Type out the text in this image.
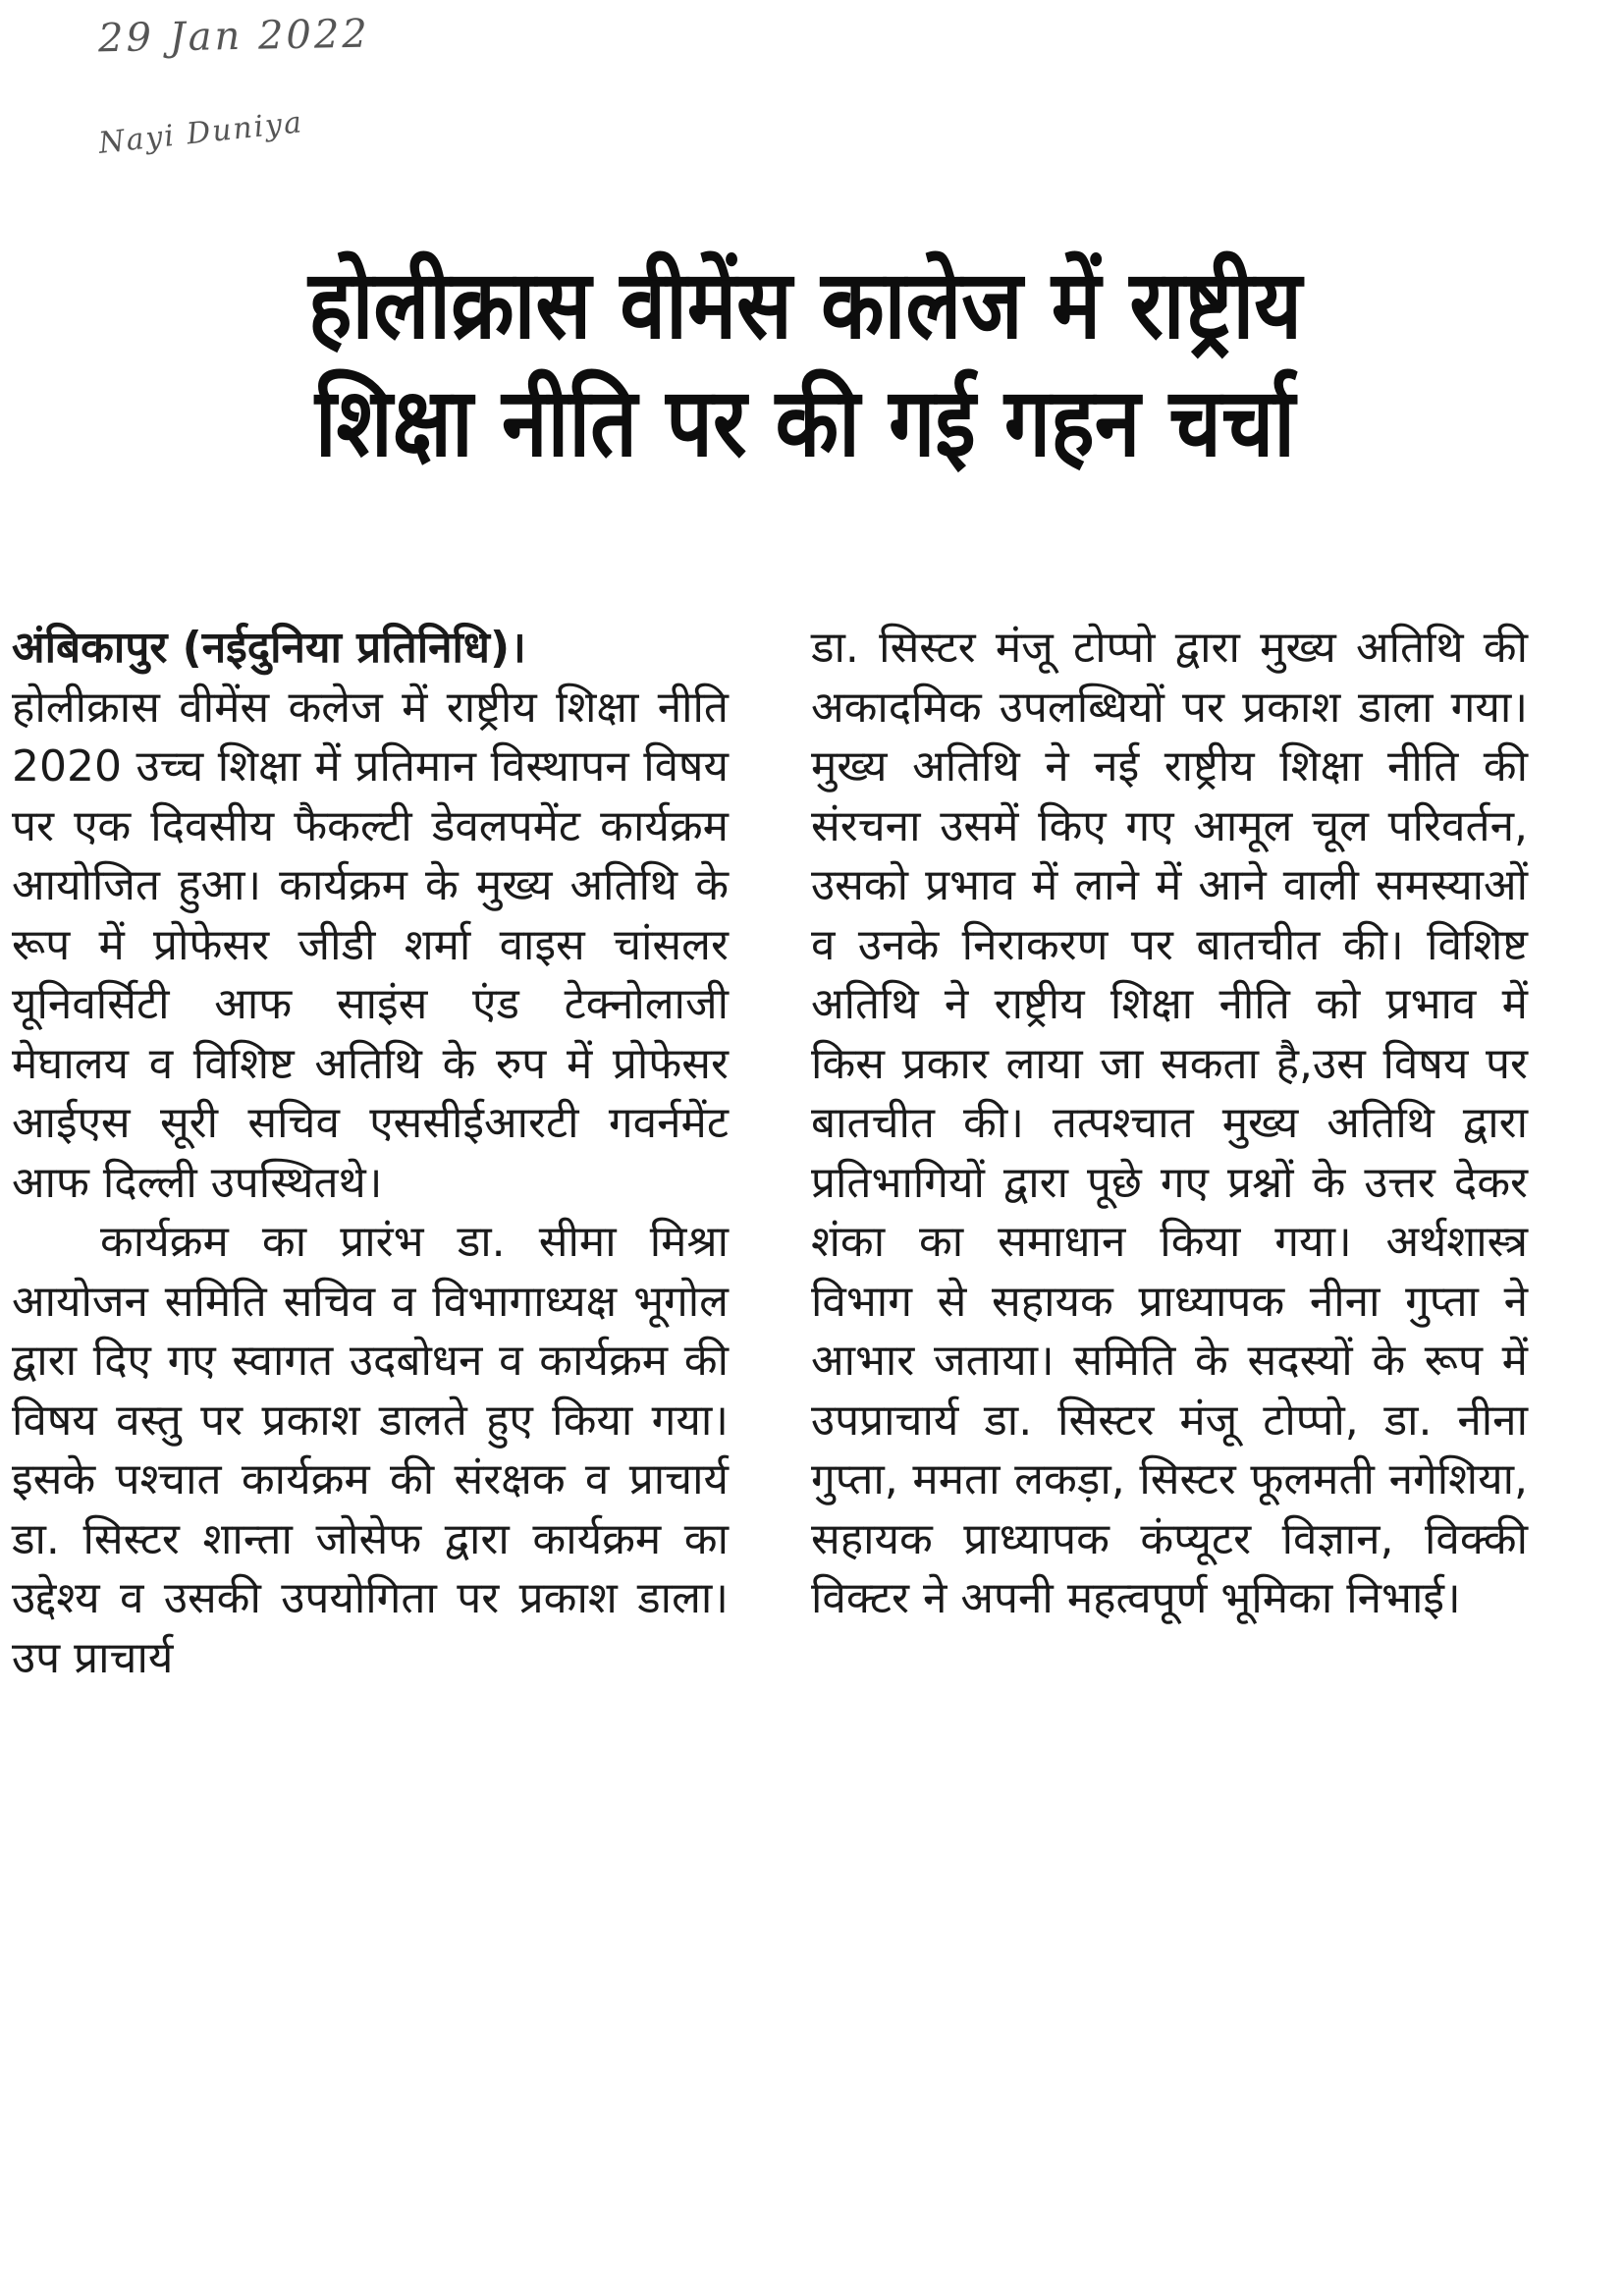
29 Jan 2022
Nayi Duniya
होलीक्रास वीमेंस कालेज में राष्ट्रीय
शिक्षा नीति पर की गई गहन चर्चा

अंबिकापुर (नईदुनिया प्रतिनिधि)।

होलीक्रास वीमेंस कलेज में राष्ट्रीय शिक्षा नीति 2020 उच्च शिक्षा में प्रतिमान विस्थापन विषय पर एक दिवसीय फैकल्टी डेवलपमेंट कार्यक्रम आयोजित हुआ। कार्यक्रम के मुख्य अतिथि के रूप में प्रोफेसर जीडी शर्मा वाइस चांसलर यूनिवर्सिटी आफ साइंस एंड टेक्नोलाजी मेघालय व विशिष्ट अतिथि के रुप में प्रोफेसर आईएस सूरी सचिव एससीईआरटी गवर्नमेंट आफ दिल्ली उपस्थितथे।

कार्यक्रम का प्रारंभ डा. सीमा मिश्रा आयोजन समिति सचिव व विभागाध्यक्ष भूगोल द्वारा दिए गए स्वागत उदबोधन व कार्यक्रम की विषय वस्तु पर प्रकाश डालते हुए किया गया। इसके पश्चात कार्यक्रम की संरक्षक व प्राचार्य डा. सिस्टर शान्ता जोसेफ द्वारा कार्यक्रम का उद्देश्य व उसकी उपयोगिता पर प्रकाश डाला। उप प्राचार्य

डा. सिस्टर मंजू टोप्पो द्वारा मुख्य अतिथि की अकादमिक उपलब्धियों पर प्रकाश डाला गया। मुख्य अतिथि ने नई राष्ट्रीय शिक्षा नीति की संरचना उसमें किए गए आमूल चूल परिवर्तन, उसको प्रभाव में लाने में आने वाली समस्याओं व उनके निराकरण पर बातचीत की। विशिष्ट अतिथि ने राष्ट्रीय शिक्षा नीति को प्रभाव में किस प्रकार लाया जा सकता है,उस विषय पर बातचीत की। तत्पश्चात मुख्य अतिथि द्वारा प्रतिभागियों द्वारा पूछे गए प्रश्नों के उत्तर देकर शंका का समाधान किया गया। अर्थशास्त्र विभाग से सहायक प्राध्यापक नीना गुप्ता ने आभार जताया। समिति के सदस्यों के रूप में उपप्राचार्य डा. सिस्टर मंजू टोप्पो, डा. नीना गुप्ता, ममता लकड़ा, सिस्टर फूलमती नगेशिया, सहायक प्राध्यापक कंप्यूटर विज्ञान, विक्की विक्टर ने अपनी महत्वपूर्ण भूमिका निभाई।
